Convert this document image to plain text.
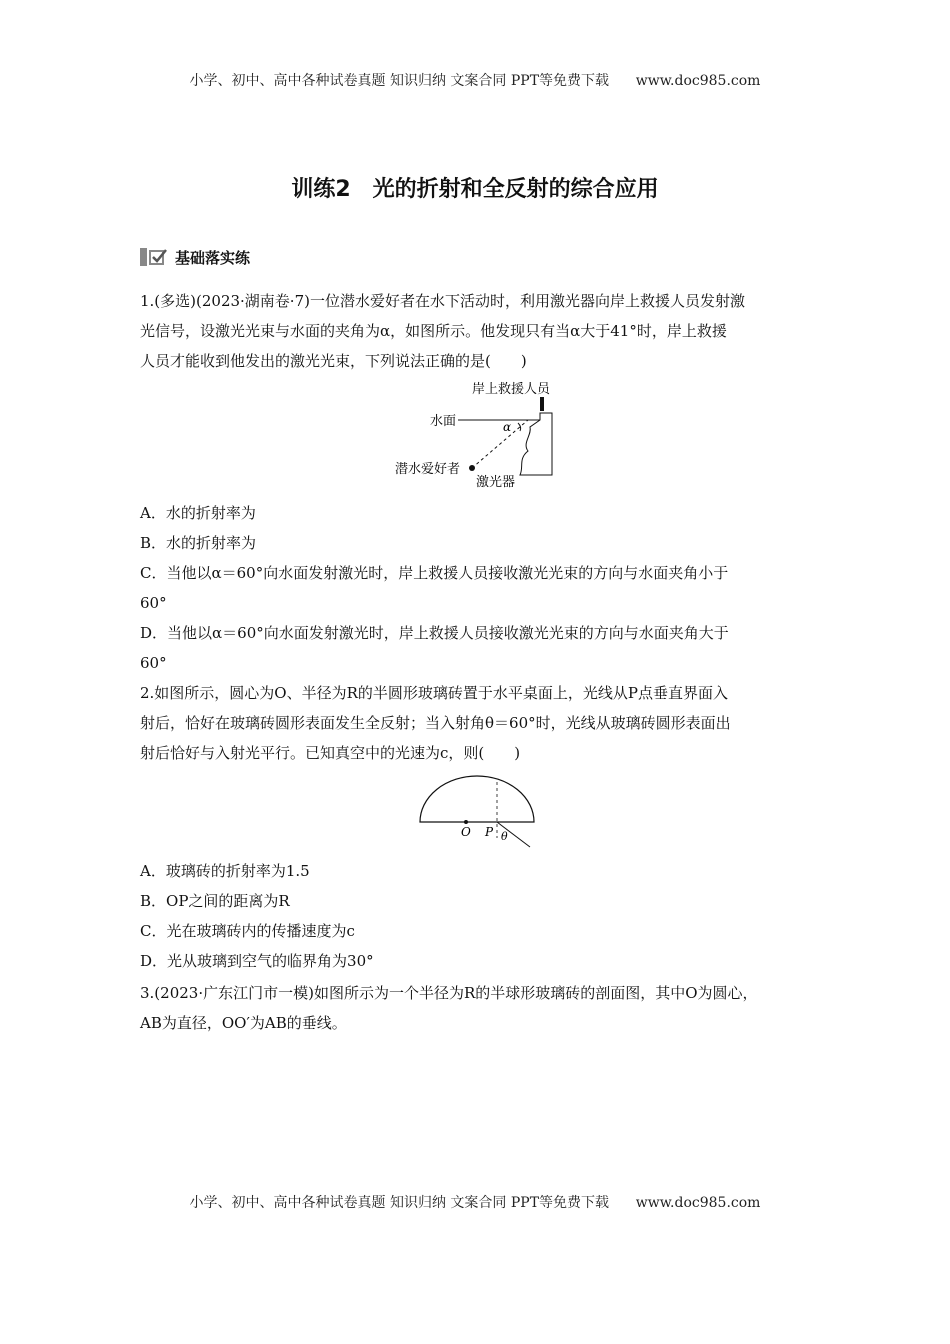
小学、初中、高中各种试卷真题 知识归纳 文案合同 PPT等免费下载 www.doc985.com
训练2　光的折射和全反射的综合应用
基础落实练
1.(多选)(2023·湖南卷·7)一位潜水爱好者在水下活动时，利用激光器向岸上救援人员发射激
光信号，设激光光束与水面的夹角为α，如图所示。他发现只有当α大于41°时，岸上救援
人员才能收到他发出的激光光束，下列说法正确的是(　　)
岸上救援人员
水面	α
潜水爱好者
激光器
A．水的折射率为
B．水的折射率为
C．当他以α＝60°向水面发射激光时，岸上救援人员接收激光光束的方向与水面夹角小于
60°
D．当他以α＝60°向水面发射激光时，岸上救援人员接收激光光束的方向与水面夹角大于
60°
2.如图所示，圆心为O、半径为R的半圆形玻璃砖置于水平桌面上，光线从P点垂直界面入
射后，恰好在玻璃砖圆形表面发生全反射；当入射角θ＝60°时，光线从玻璃砖圆形表面出
射后恰好与入射光平行。已知真空中的光速为c，则(　　)
O P θ
A．玻璃砖的折射率为1.5
B．OP之间的距离为R
C．光在玻璃砖内的传播速度为c
D．光从玻璃到空气的临界角为30°
3.(2023·广东江门市一模)如图所示为一个半径为R的半球形玻璃砖的剖面图，其中O为圆心，
AB为直径，OO′为AB的垂线。
小学、初中、高中各种试卷真题 知识归纳 文案合同 PPT等免费下载 www.doc985.com
